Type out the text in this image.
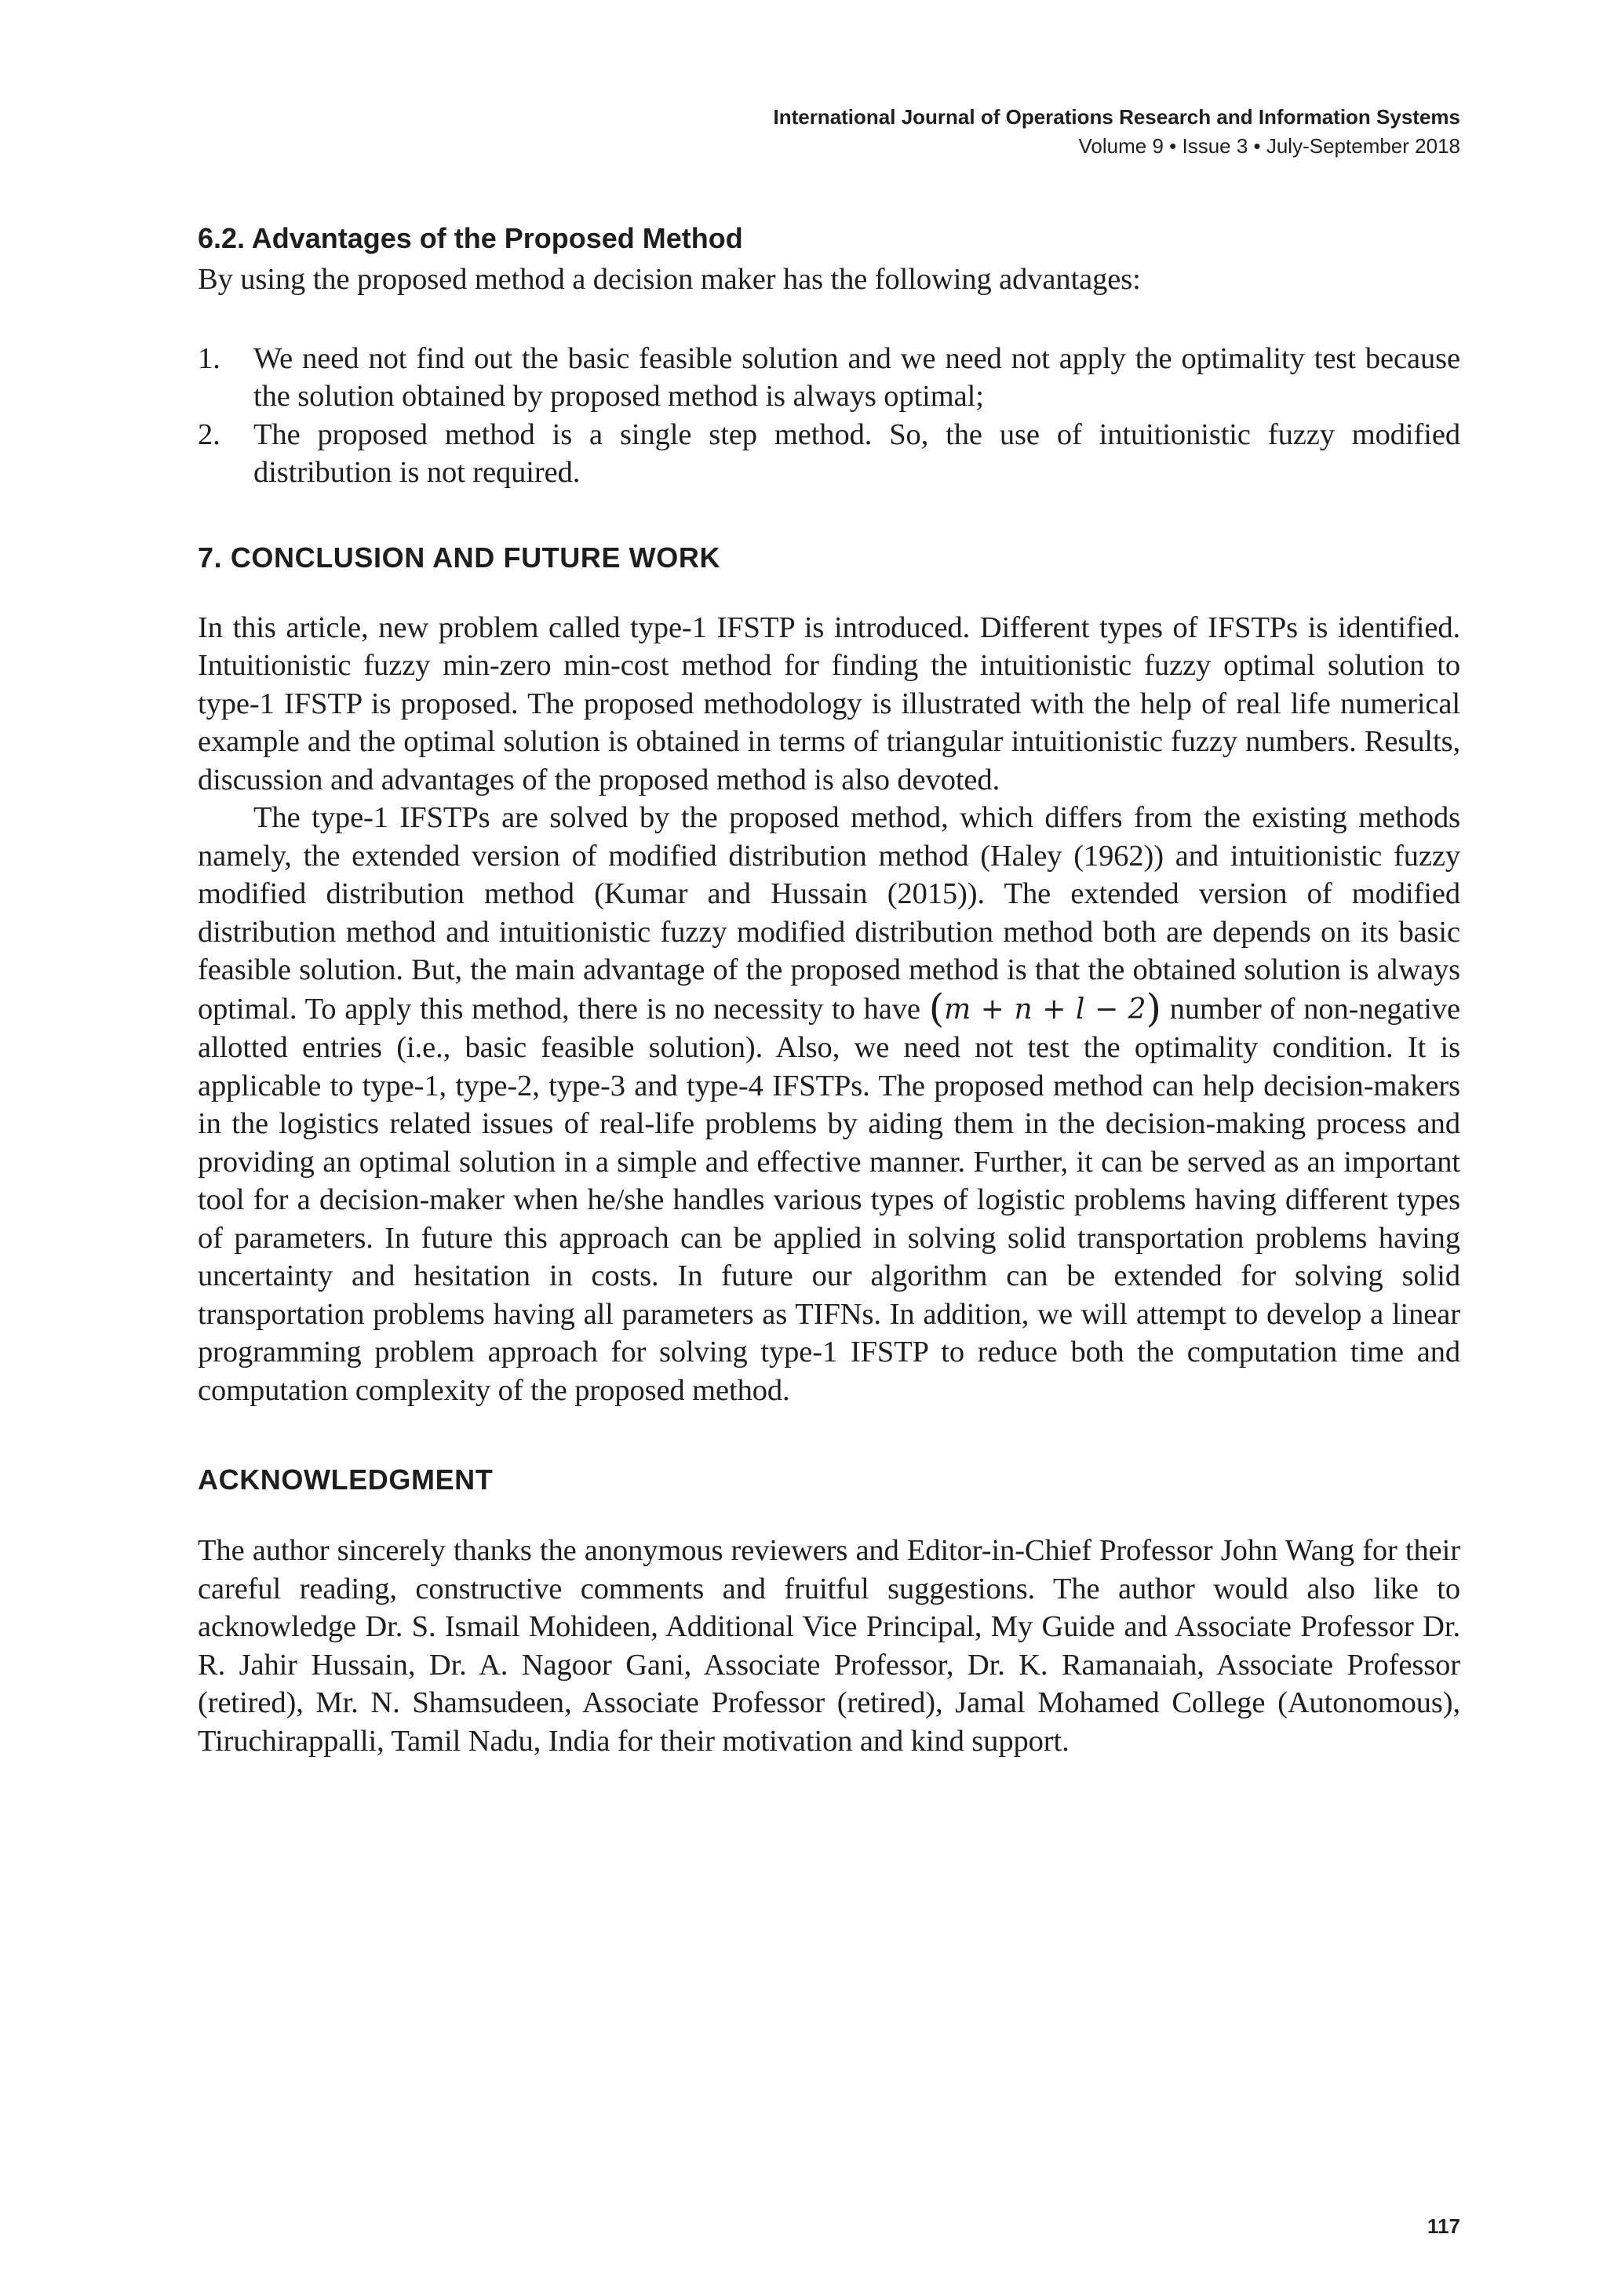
International Journal of Operations Research and Information Systems
Volume 9 • Issue 3 • July-September 2018
6.2. Advantages of the Proposed Method

By using the proposed method a decision maker has the following advantages:

1. We need not find out the basic feasible solution and we need not apply the optimality test because the solution obtained by proposed method is always optimal;
2. The proposed method is a single step method. So, the use of intuitionistic fuzzy modified distribution is not required.
7. CONCLUSION AND FUTURE WORK

In this article, new problem called type-1 IFSTP is introduced. Different types of IFSTPs is identified. Intuitionistic fuzzy min-zero min-cost method for finding the intuitionistic fuzzy optimal solution to type-1 IFSTP is proposed. The proposed methodology is illustrated with the help of real life numerical example and the optimal solution is obtained in terms of triangular intuitionistic fuzzy numbers. Results, discussion and advantages of the proposed method is also devoted.

The type-1 IFSTPs are solved by the proposed method, which differs from the existing methods namely, the extended version of modified distribution method (Haley (1962)) and intuitionistic fuzzy modified distribution method (Kumar and Hussain (2015)). The extended version of modified distribution method and intuitionistic fuzzy modified distribution method both are depends on its basic feasible solution. But, the main advantage of the proposed method is that the obtained solution is always optimal. To apply this method, there is no necessity to have (m + n + l − 2) number of non-negative allotted entries (i.e., basic feasible solution). Also, we need not test the optimality condition. It is applicable to type-1, type-2, type-3 and type-4 IFSTPs. The proposed method can help decision-makers in the logistics related issues of real-life problems by aiding them in the decision-making process and providing an optimal solution in a simple and effective manner. Further, it can be served as an important tool for a decision-maker when he/she handles various types of logistic problems having different types of parameters. In future this approach can be applied in solving solid transportation problems having uncertainty and hesitation in costs. In future our algorithm can be extended for solving solid transportation problems having all parameters as TIFNs. In addition, we will attempt to develop a linear programming problem approach for solving type-1 IFSTP to reduce both the computation time and computation complexity of the proposed method.

ACKNOWLEDGMENT

The author sincerely thanks the anonymous reviewers and Editor-in-Chief Professor John Wang for their careful reading, constructive comments and fruitful suggestions. The author would also like to acknowledge Dr. S. Ismail Mohideen, Additional Vice Principal, My Guide and Associate Professor Dr. R. Jahir Hussain, Dr. A. Nagoor Gani, Associate Professor, Dr. K. Ramanaiah, Associate Professor (retired), Mr. N. Shamsudeen, Associate Professor (retired), Jamal Mohamed College (Autonomous), Tiruchirappalli, Tamil Nadu, India for their motivation and kind support.

117
